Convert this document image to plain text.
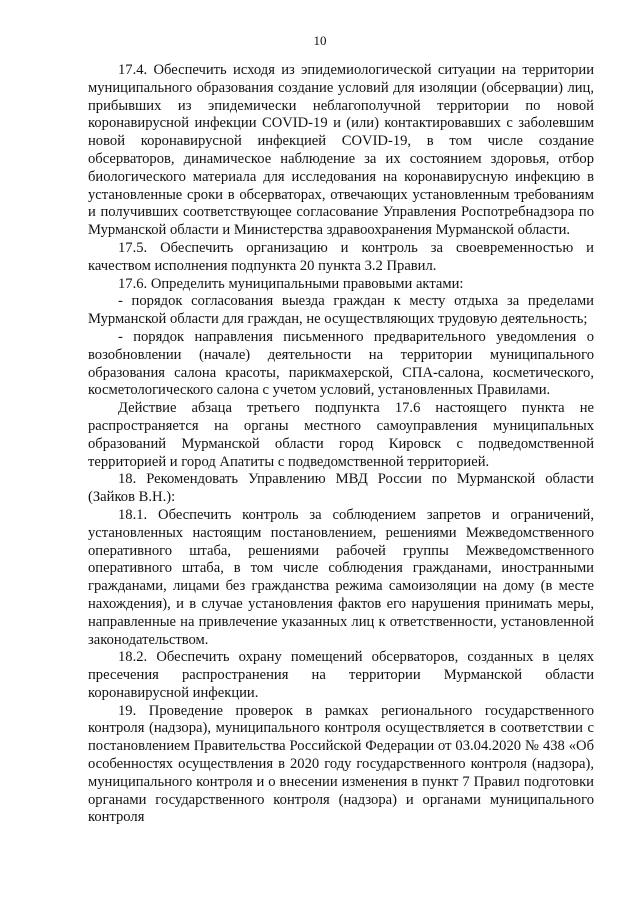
10

17.4. Обеспечить исходя из эпидемиологической ситуации на территории муниципального образования создание условий для изоляции (обсервации) лиц, прибывших из эпидемически неблагополучной территории по новой коронавирусной инфекции COVID-19 и (или) контактировавших с заболевшим новой коронавирусной инфекцией COVID-19, в том числе создание обсерваторов, динамическое наблюдение за их состоянием здоровья, отбор биологического материала для исследования на коронавирусную инфекцию в установленные сроки в обсерваторах, отвечающих установленным требованиям и получивших соответствующее согласование Управления Роспотребнадзора по Мурманской области и Министерства здравоохранения Мурманской области.

17.5. Обеспечить организацию и контроль за своевременностью и качеством исполнения подпункта 20 пункта 3.2 Правил.

17.6. Определить муниципальными правовыми актами:

- порядок согласования выезда граждан к месту отдыха за пределами Мурманской области для граждан, не осуществляющих трудовую деятельность;

- порядок направления письменного предварительного уведомления о возобновлении (начале) деятельности на территории муниципального образования салона красоты, парикмахерской, СПА-салона, косметического, косметологического салона с учетом условий, установленных Правилами.

Действие абзаца третьего подпункта 17.6 настоящего пункта не распространяется на органы местного самоуправления муниципальных образований Мурманской области город Кировск с подведомственной территорией и город Апатиты с подведомственной территорией.

18. Рекомендовать Управлению МВД России по Мурманской области (Зайков В.Н.):

18.1. Обеспечить контроль за соблюдением запретов и ограничений, установленных настоящим постановлением, решениями Межведомственного оперативного штаба, решениями рабочей группы Межведомственного оперативного штаба, в том числе соблюдения гражданами, иностранными гражданами, лицами без гражданства режима самоизоляции на дому (в месте нахождения), и в случае установления фактов его нарушения принимать меры, направленные на привлечение указанных лиц к ответственности, установленной законодательством.

18.2. Обеспечить охрану помещений обсерваторов, созданных в целях пресечения распространения на территории Мурманской области коронавирусной инфекции.

19. Проведение проверок в рамках регионального государственного контроля (надзора), муниципального контроля осуществляется в соответствии с постановлением Правительства Российской Федерации от 03.04.2020 № 438 «Об особенностях осуществления в 2020 году государственного контроля (надзора), муниципального контроля и о внесении изменения в пункт 7 Правил подготовки органами государственного контроля (надзора) и органами муниципального контроля
